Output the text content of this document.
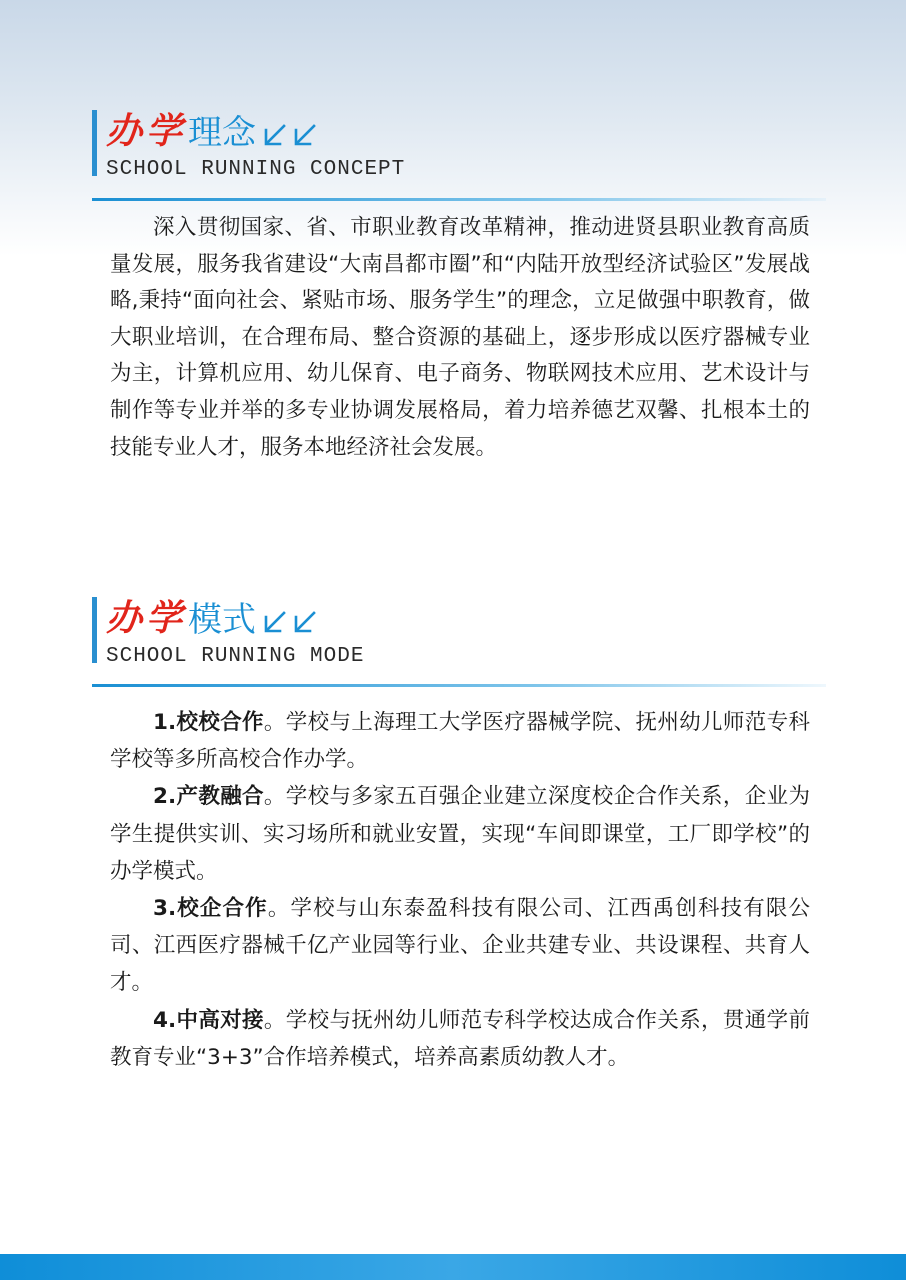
办学 理念
SCHOOL RUNNING CONCEPT

深入贯彻国家、省、市职业教育改革精神，推动进贤县职业教育高质量发展，服务我省建设“大南昌都市圈”和“内陆开放型经济试验区”发展战略,秉持“面向社会、紧贴市场、服务学生”的理念，立足做强中职教育，做大职业培训，在合理布局、整合资源的基础上，逐步形成以医疗器械专业为主，计算机应用、幼儿保育、电子商务、物联网技术应用、艺术设计与制作等专业并举的多专业协调发展格局，着力培养德艺双馨、扎根本土的技能专业人才，服务本地经济社会发展。

办学 模式
SCHOOL RUNNING MODE

1.校校合作。学校与上海理工大学医疗器械学院、抚州幼儿师范专科学校等多所高校合作办学。

2.产教融合。学校与多家五百强企业建立深度校企合作关系，企业为学生提供实训、实习场所和就业安置，实现“车间即课堂，工厂即学校”的办学模式。

3.校企合作。学校与山东泰盈科技有限公司、江西禹创科技有限公司、江西医疗器械千亿产业园等行业、企业共建专业、共设课程、共育人才。

4.中高对接。学校与抚州幼儿师范专科学校达成合作关系，贯通学前教育专业“3+3”合作培养模式，培养高素质幼教人才。
